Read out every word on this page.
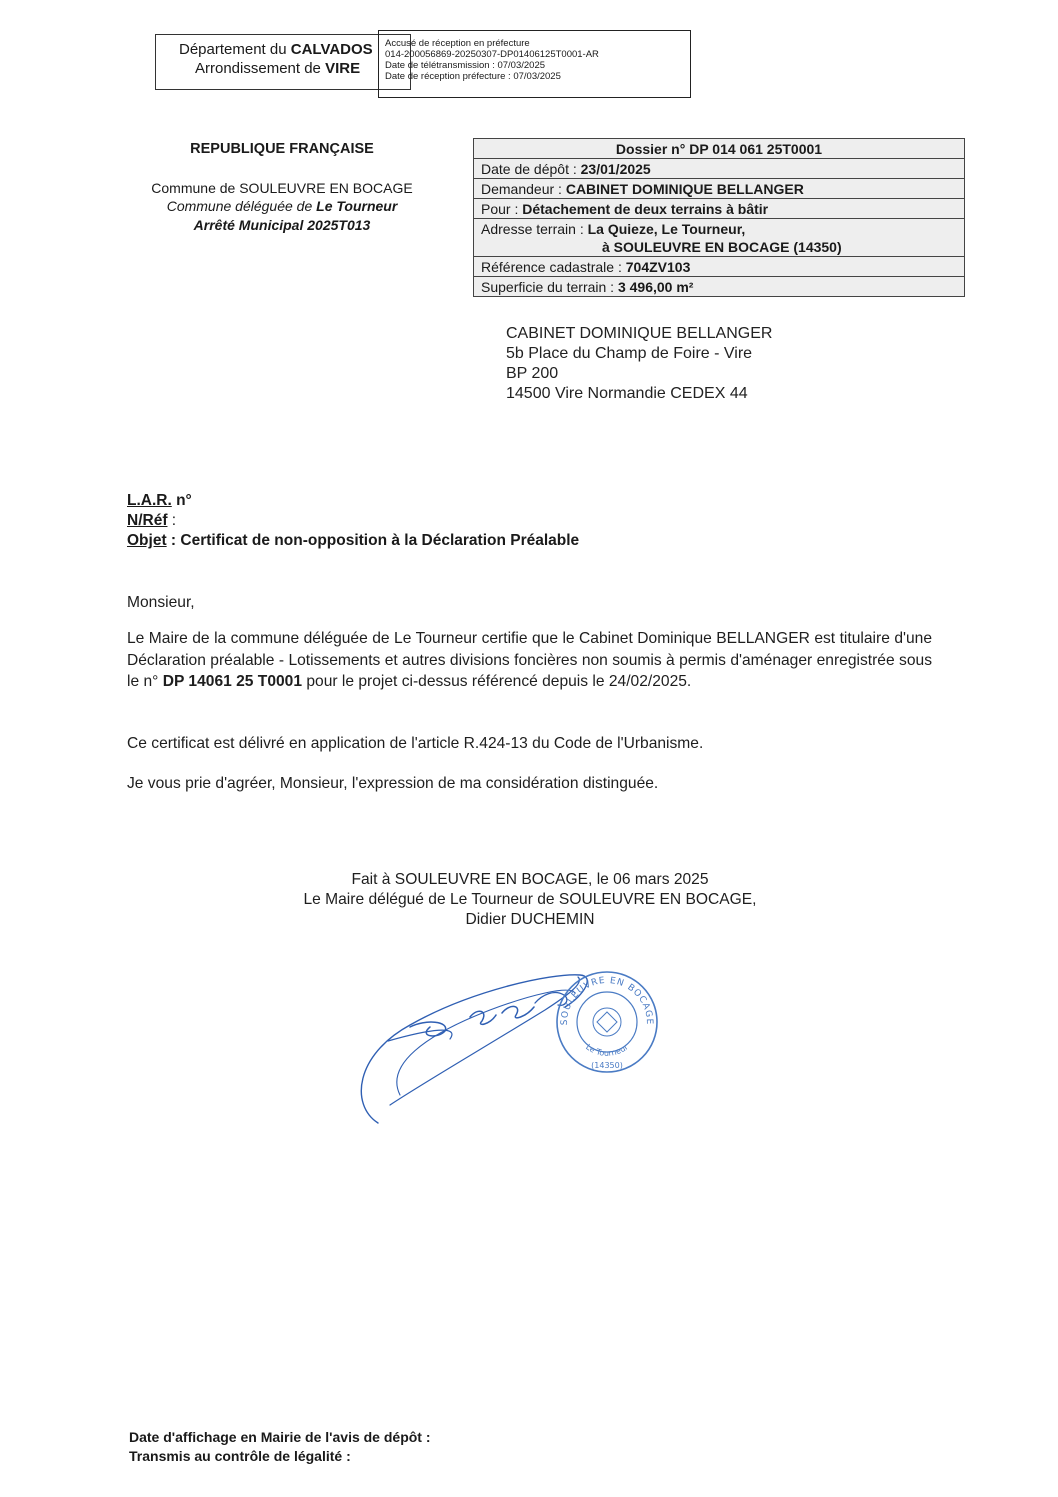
Département du CALVADOS
Arrondissement de VIRE
Accusé de réception en préfecture
014-200056869-20250307-DP01406125T0001-AR
Date de télétransmission : 07/03/2025
Date de réception préfecture : 07/03/2025
REPUBLIQUE FRANÇAISE
Commune de SOULEUVRE EN BOCAGE
Commune déléguée de Le Tourneur
Arrêté Municipal 2025T013
Dossier n° DP 014 061 25T0001
Date de dépôt : 23/01/2025
Demandeur : CABINET DOMINIQUE BELLANGER
Pour : Détachement de deux terrains à bâtir
Adresse terrain : La Quieze, Le Tourneur,
à SOULEUVRE EN BOCAGE (14350)

Référence cadastrale : 704ZV103
Superficie du terrain : 3 496,00 m²
CABINET DOMINIQUE BELLANGER
5b Place du Champ de Foire - Vire
BP 200
14500 Vire Normandie CEDEX 44
L.A.R. n°
N/Réf :
Objet : Certificat de non-opposition à la Déclaration Préalable
Monsieur,
Le Maire de la commune déléguée de Le Tourneur certifie que le Cabinet Dominique BELLANGER est titulaire d'une Déclaration préalable - Lotissements et autres divisions foncières non soumis à permis d'aménager enregistrée sous le n° DP 14061 25 T0001 pour le projet ci-dessus référencé depuis le 24/02/2025.
Ce certificat est délivré en application de l'article R.424-13 du Code de l'Urbanisme.
Je vous prie d'agréer, Monsieur, l'expression de ma considération distinguée.
Fait à SOULEUVRE EN BOCAGE, le 06 mars 2025
Le Maire délégué de Le Tourneur de SOULEUVRE EN BOCAGE,
Didier DUCHEMIN
SOULEUVRE EN BOCAGE
Le Tourneur
(14350)
Date d'affichage en Mairie de l'avis de dépôt :
Transmis au contrôle de légalité :
